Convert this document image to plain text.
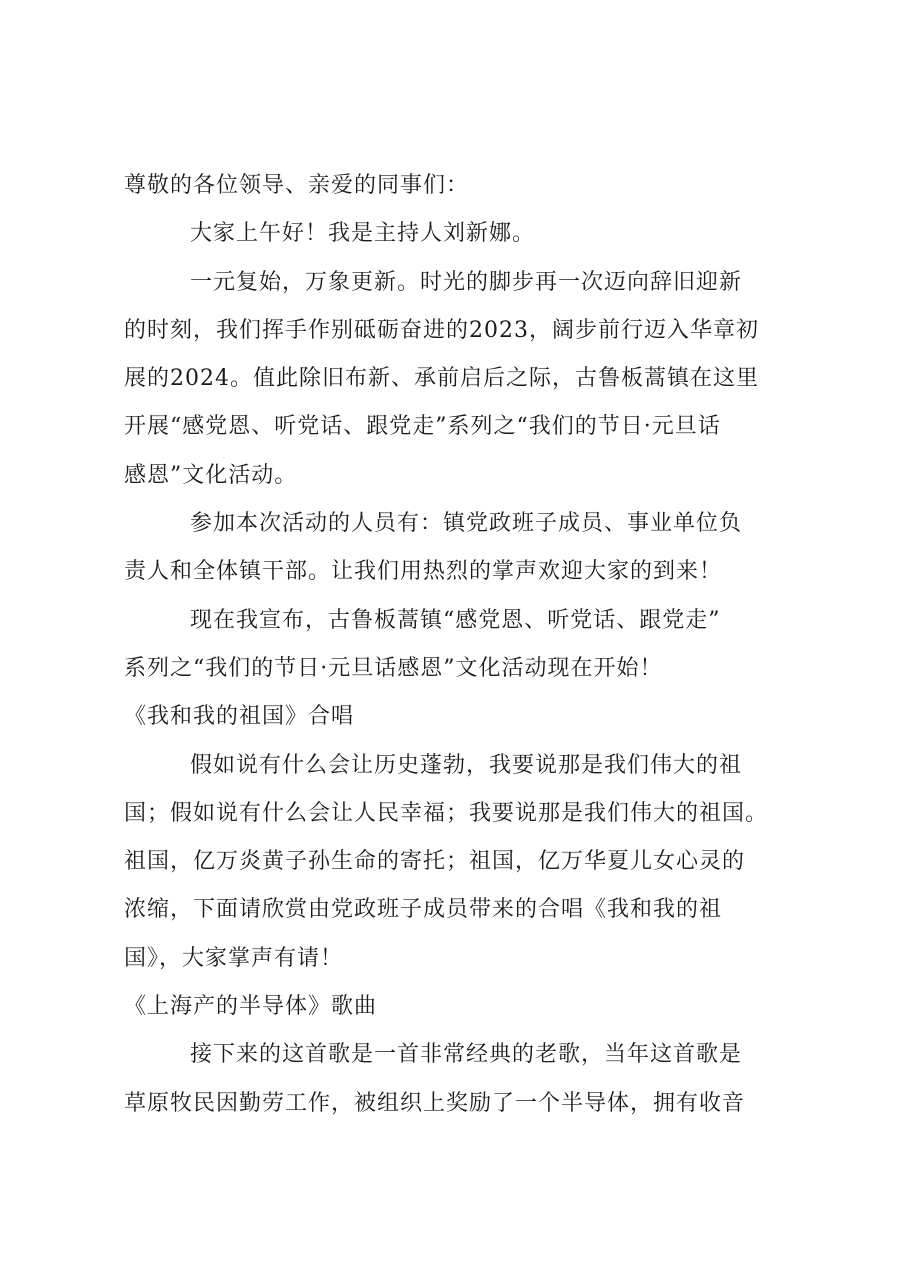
尊敬的各位领导、亲爱的同事们：
大家上午好！我是主持人刘新娜。
一元复始，万象更新。时光的脚步再一次迈向辞旧迎新
的时刻，我们挥手作别砥砺奋进的2023，阔步前行迈入华章初
展的2024。值此除旧布新、承前启后之际，古鲁板蒿镇在这里
开展“感党恩、听党话、跟党走”系列之“我们的节日·元旦话
感恩”文化活动。
参加本次活动的人员有：镇党政班子成员、事业单位负
责人和全体镇干部。让我们用热烈的掌声欢迎大家的到来！
现在我宣布，古鲁板蒿镇“感党恩、听党话、跟党走”
系列之“我们的节日·元旦话感恩”文化活动现在开始！
《我和我的祖国》合唱
假如说有什么会让历史蓬勃，我要说那是我们伟大的祖
国；假如说有什么会让人民幸福；我要说那是我们伟大的祖国。
祖国，亿万炎黄子孙生命的寄托；祖国，亿万华夏儿女心灵的
浓缩，下面请欣赏由党政班子成员带来的合唱《我和我的祖
国》，大家掌声有请！
《上海产的半导体》歌曲
接下来的这首歌是一首非常经典的老歌，当年这首歌是
草原牧民因勤劳工作，被组织上奖励了一个半导体，拥有收音
